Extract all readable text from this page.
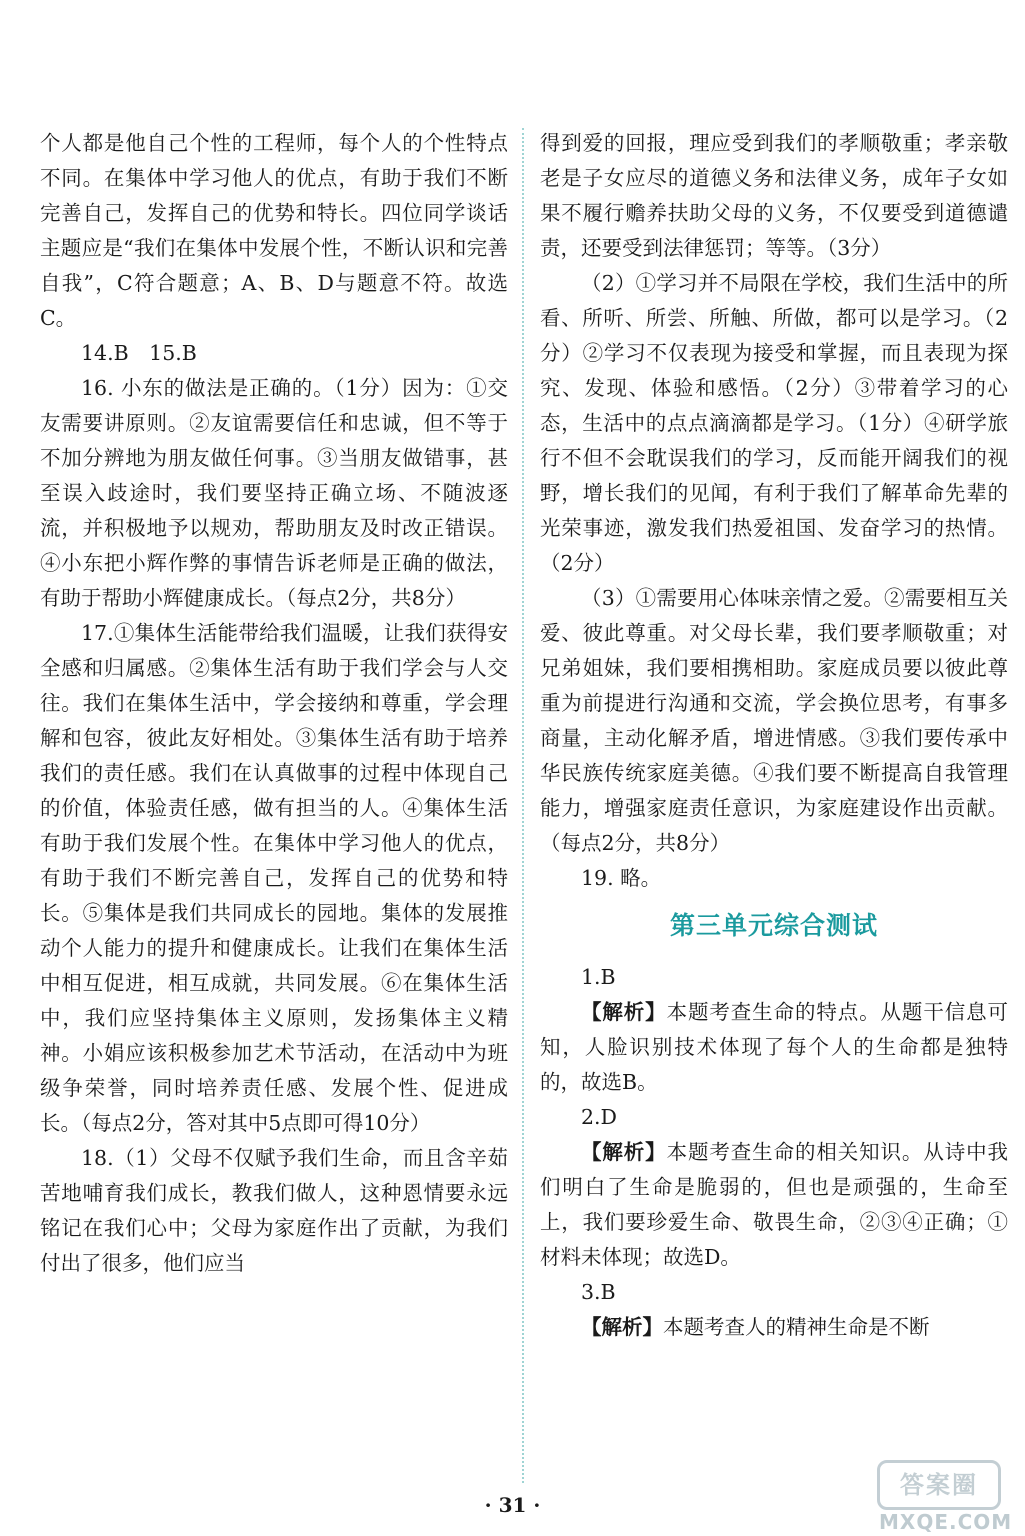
个人都是他自己个性的工程师，每个人的个性特点不同。在集体中学习他人的优点，有助于我们不断完善自己，发挥自己的优势和特长。四位同学谈话主题应是“我们在集体中发展个性，不断认识和完善自我”，C符合题意；A、B、D与题意不符。故选C。

14.B　15.B

16. 小东的做法是正确的。（1分）因为：①交友需要讲原则。②友谊需要信任和忠诚，但不等于不加分辨地为朋友做任何事。③当朋友做错事，甚至误入歧途时，我们要坚持正确立场、不随波逐流，并积极地予以规劝，帮助朋友及时改正错误。④小东把小辉作弊的事情告诉老师是正确的做法，有助于帮助小辉健康成长。（每点2分，共8分）

17.①集体生活能带给我们温暖，让我们获得安全感和归属感。②集体生活有助于我们学会与人交往。我们在集体生活中，学会接纳和尊重，学会理解和包容，彼此友好相处。③集体生活有助于培养我们的责任感。我们在认真做事的过程中体现自己的价值，体验责任感，做有担当的人。④集体生活有助于我们发展个性。在集体中学习他人的优点，有助于我们不断完善自己，发挥自己的优势和特长。⑤集体是我们共同成长的园地。集体的发展推动个人能力的提升和健康成长。让我们在集体生活中相互促进，相互成就，共同发展。⑥在集体生活中，我们应坚持集体主义原则，发扬集体主义精神。小娟应该积极参加艺术节活动，在活动中为班级争荣誉，同时培养责任感、发展个性、促进成长。（每点2分，答对其中5点即可得10分）

18.（1）父母不仅赋予我们生命，而且含辛茹苦地哺育我们成长，教我们做人，这种恩情要永远铭记在我们心中；父母为家庭作出了贡献，为我们付出了很多，他们应当

得到爱的回报，理应受到我们的孝顺敬重；孝亲敬老是子女应尽的道德义务和法律义务，成年子女如果不履行赡养扶助父母的义务，不仅要受到道德谴责，还要受到法律惩罚；等等。（3分）

（2）①学习并不局限在学校，我们生活中的所看、所听、所尝、所触、所做，都可以是学习。（2分）②学习不仅表现为接受和掌握，而且表现为探究、发现、体验和感悟。（2分）③带着学习的心态，生活中的点点滴滴都是学习。（1分）④研学旅行不但不会耽误我们的学习，反而能开阔我们的视野，增长我们的见闻，有利于我们了解革命先辈的光荣事迹，激发我们热爱祖国、发奋学习的热情。（2分）

（3）①需要用心体味亲情之爱。②需要相互关爱、彼此尊重。对父母长辈，我们要孝顺敬重；对兄弟姐妹，我们要相携相助。家庭成员要以彼此尊重为前提进行沟通和交流，学会换位思考，有事多商量，主动化解矛盾，增进情感。③我们要传承中华民族传统家庭美德。④我们要不断提高自我管理能力，增强家庭责任意识，为家庭建设作出贡献。（每点2分，共8分）

19. 略。

第三单元综合测试

1.B

【解析】本题考查生命的特点。从题干信息可知，人脸识别技术体现了每个人的生命都是独特的，故选B。

2.D

【解析】本题考查生命的相关知识。从诗中我们明白了生命是脆弱的，但也是顽强的，生命至上，我们要珍爱生命、敬畏生命，②③④正确；①材料未体现；故选D。

3.B

【解析】本题考查人的精神生命是不断

· 31 ·
答案圈
MXQE.COM
